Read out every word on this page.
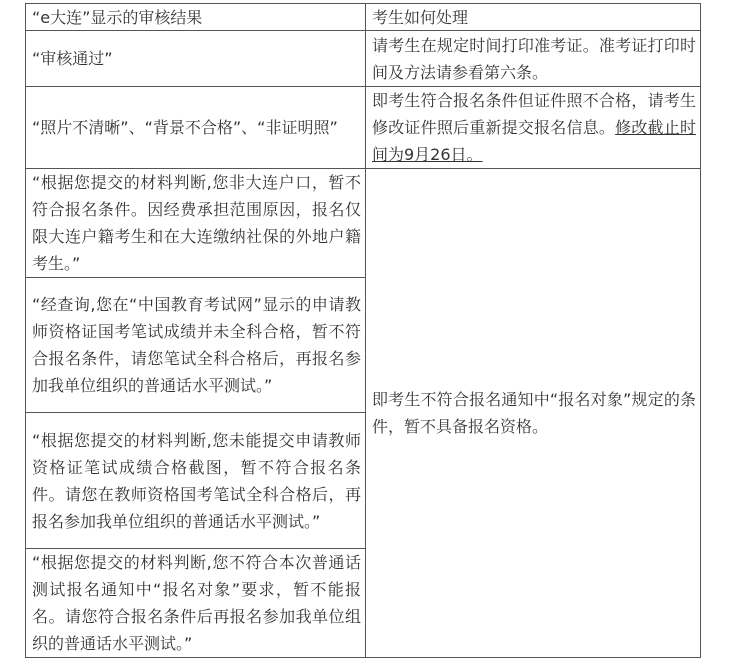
“e大连”显示的审核结果	考生如何处理
“审核通过”	请考生在规定时间打印准考证。准考证打印时间及方法请参看第六条。
“照片不清晰”、“背景不合格”、“非证明照”	即考生符合报名条件但证件照不合格，请考生修改证件照后重新提交报名信息。修改截止时间为9月26日。
“根据您提交的材料判断,您非大连户口，暂不符合报名条件。因经费承担范围原因，报名仅限大连户籍考生和在大连缴纳社保的外地户籍考生。”	即考生不符合报名通知中“报名对象”规定的条件，暂不具备报名资格。
“经查询,您在“中国教育考试网”显示的申请教师资格证国考笔试成绩并未全科合格，暂不符合报名条件，请您笔试全科合格后，再报名参加我单位组织的普通话水平测试。”	
“根据您提交的材料判断,您未能提交申请教师资格证笔试成绩合格截图，暂不符合报名条件。请您在教师资格国考笔试全科合格后，再报名参加我单位组织的普通话水平测试。”	
“根据您提交的材料判断,您不符合本次普通话测试报名通知中“报名对象”要求，暂不能报名。请您符合报名条件后再报名参加我单位组织的普通话水平测试。”	
